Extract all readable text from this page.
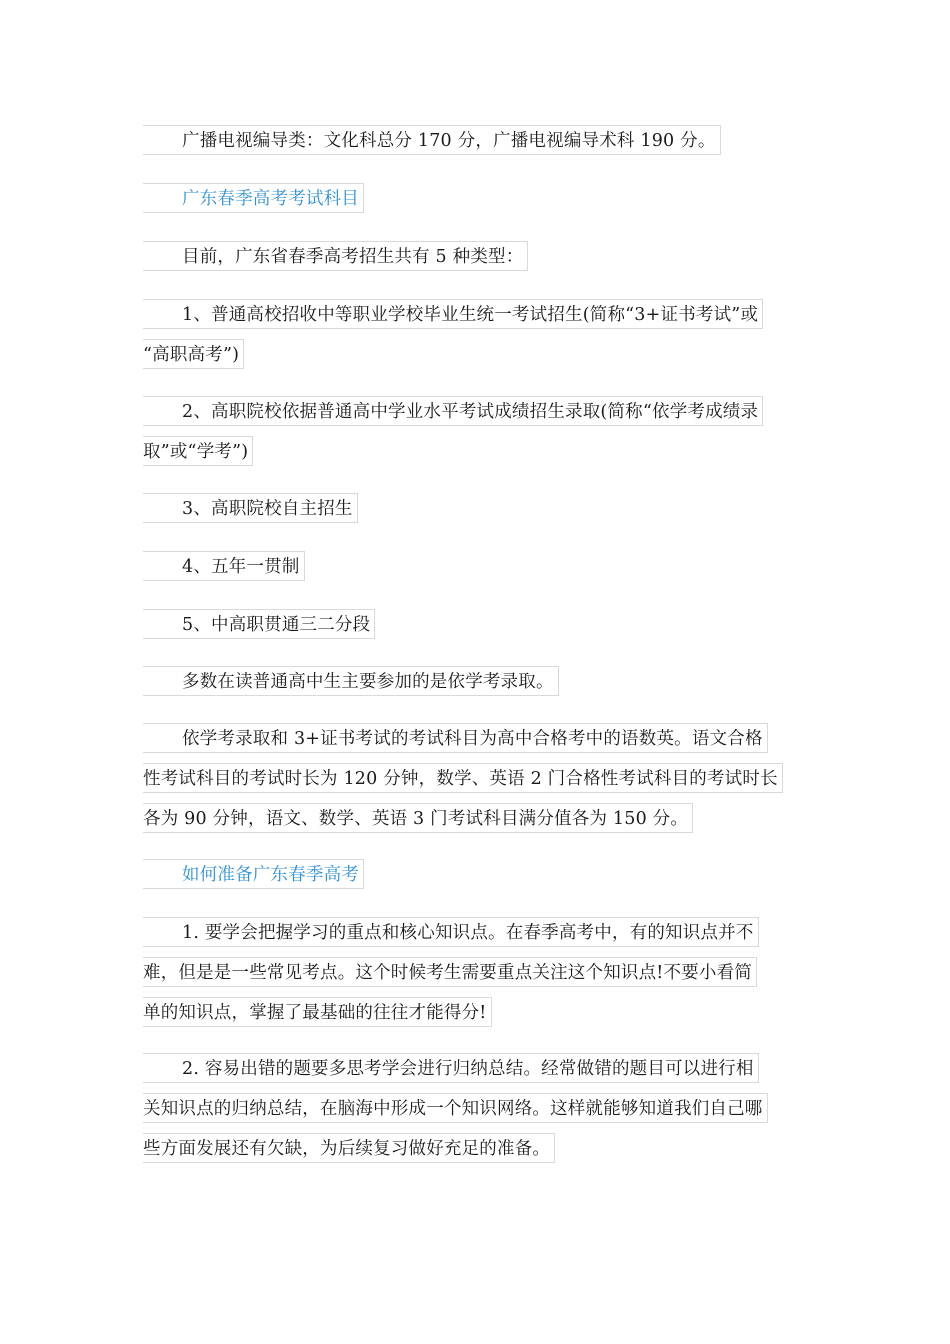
广播电视编导类：文化科总分 170 分，广播电视编导术科 190 分。
广东春季高考考试科目
目前，广东省春季高考招生共有 5 种类型：
1、普通高校招收中等职业学校毕业生统一考试招生(简称“3+证书考试”或
“高职高考”)
2、高职院校依据普通高中学业水平考试成绩招生录取(简称“依学考成绩录
取”或“学考”)
3、高职院校自主招生
4、五年一贯制
5、中高职贯通三二分段
多数在读普通高中生主要参加的是依学考录取。
依学考录取和 3+证书考试的考试科目为高中合格考中的语数英。语文合格
性考试科目的考试时长为 120 分钟，数学、英语 2 门合格性考试科目的考试时长
各为 90 分钟，语文、数学、英语 3 门考试科目满分值各为 150 分。
如何准备广东春季高考
1. 要学会把握学习的重点和核心知识点。在春季高考中，有的知识点并不
难，但是是一些常见考点。这个时候考生需要重点关注这个知识点!不要小看简
单的知识点，掌握了最基础的往往才能得分!
2. 容易出错的题要多思考学会进行归纳总结。经常做错的题目可以进行相
关知识点的归纳总结，在脑海中形成一个知识网络。这样就能够知道我们自己哪
些方面发展还有欠缺，为后续复习做好充足的准备。
